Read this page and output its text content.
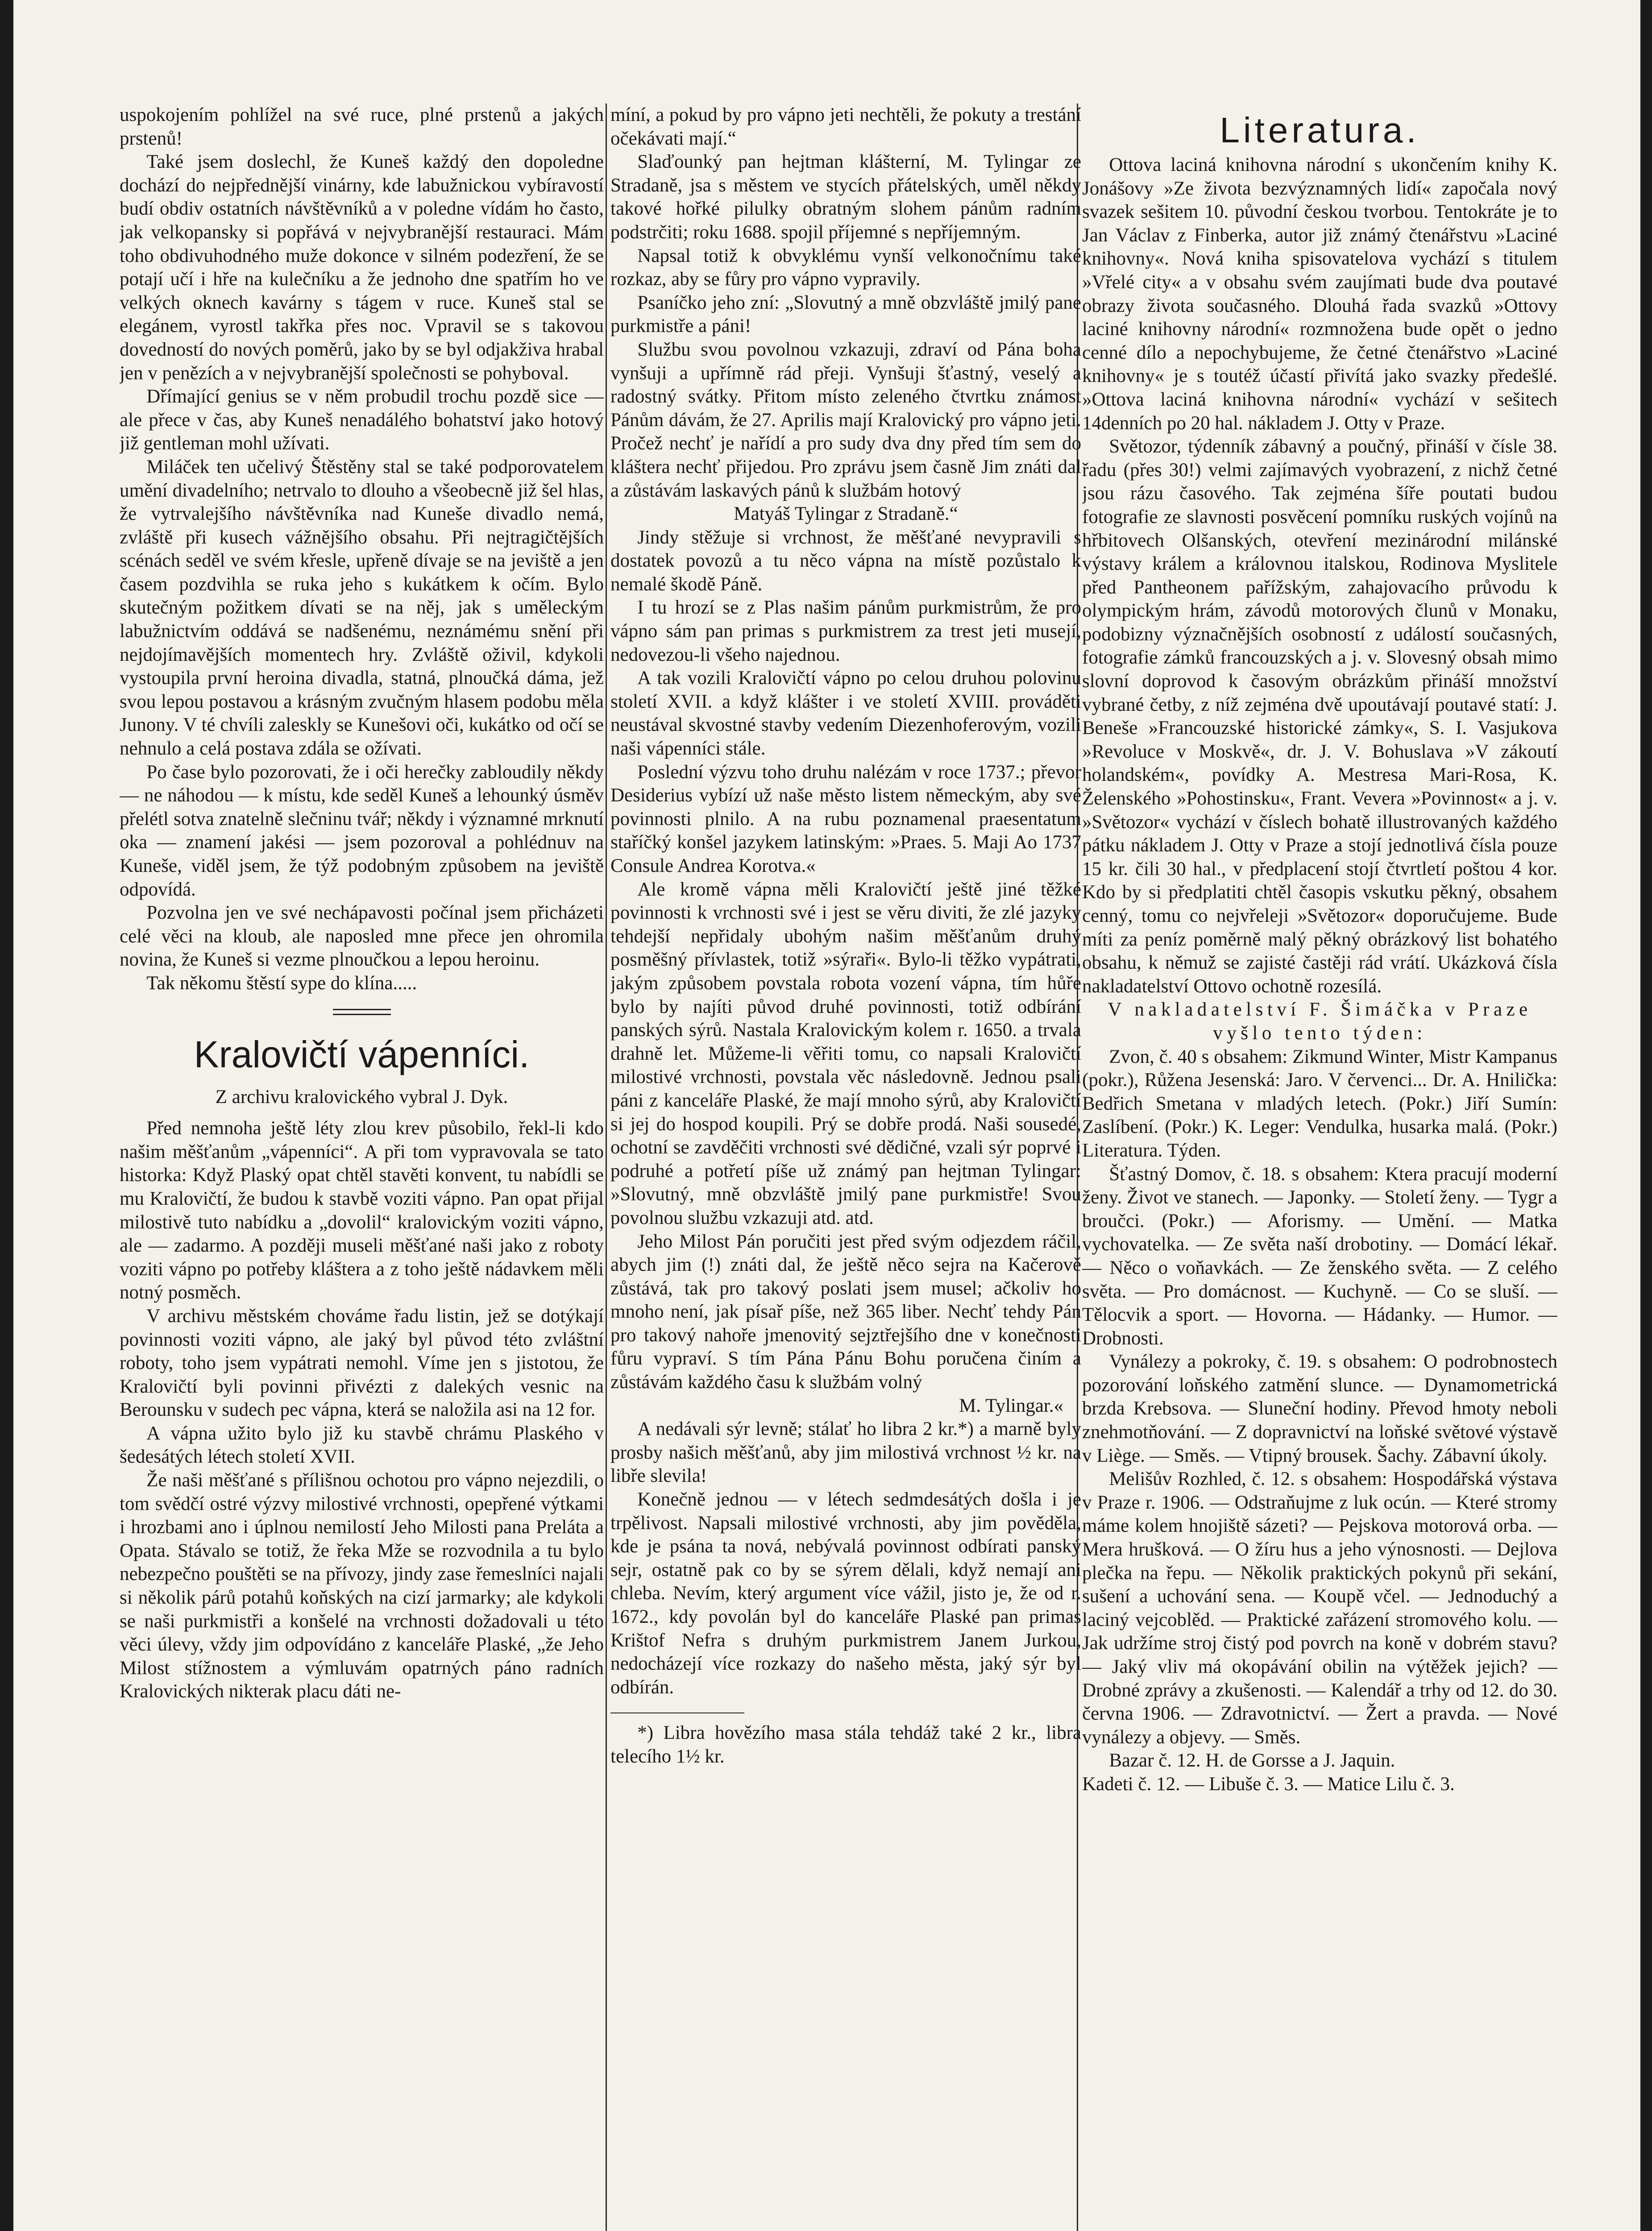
uspokojením pohlížel na své ruce, plné prstenů a jakých prstenů!

Také jsem doslechl, že Kuneš každý den dopoledne dochází do nejpřednější vinárny, kde labužnickou vybíravostí budí obdiv ostatních návštěvníků a v poledne vídám ho často, jak velkopansky si popřává v nejvybranější restauraci. Mám toho obdivuhodného muže dokonce v silném podezření, že se potají učí i hře na kulečníku a že jednoho dne spatřím ho ve velkých oknech kavárny s tágem v ruce. Kuneš stal se elegánem, vyrostl takřka přes noc. Vpravil se s takovou dovedností do nových poměrů, jako by se byl odjakživa hrabal jen v penězích a v nejvybranější společnosti se pohyboval.

Dřímající genius se v něm probudil trochu pozdě sice — ale přece v čas, aby Kuneš nenadálého bohatství jako hotový již gentleman mohl užívati.

Miláček ten učelivý Štěstěny stal se také podporovatelem umění divadelního; netrvalo to dlouho a všeobecně již šel hlas, že vytrvalejšího návštěvníka nad Kuneše divadlo nemá, zvláště při kusech vážnějšího obsahu. Při nejtragičtějších scénách seděl ve svém křesle, upřeně dívaje se na jeviště a jen časem pozdvihla se ruka jeho s kukátkem k očím. Bylo skutečným požitkem dívati se na něj, jak s uměleckým labužnictvím oddává se nadšenému, neznámému snění při nejdojímavějších momentech hry. Zvláště oživil, kdykoli vystoupila první heroina divadla, statná, plnoučká dáma, jež svou lepou postavou a krásným zvučným hlasem podobu měla Junony. V té chvíli zaleskly se Kunešovi oči, kukátko od očí se nehnulo a celá postava zdála se ožívati.

Po čase bylo pozorovati, že i oči herečky zabloudily někdy — ne náhodou — k místu, kde seděl Kuneš a lehounký úsměv přelétl sotva znatelně slečninu tvář; někdy i významné mrknutí oka — znamení jakési — jsem pozoroval a pohlédnuv na Kuneše, viděl jsem, že týž podobným způsobem na jeviště odpovídá.

Pozvolna jen ve své nechápavosti počínal jsem přicházeti celé věci na kloub, ale naposled mne přece jen ohromila novina, že Kuneš si vezme plnoučkou a lepou heroinu.

Tak někomu štěstí sype do klína.....

Kralovičtí vápenníci.
Z archivu kralovického vybral J. Dyk.

Před nemnoha ještě léty zlou krev působilo, řekl-li kdo našim měšťanům „vápenníci“. A při tom vypravovala se tato historka: Když Plaský opat chtěl stavěti konvent, tu nabídli se mu Kralovičtí, že budou k stavbě voziti vápno. Pan opat přijal milostivě tuto nabídku a „dovolil“ kralovickým voziti vápno, ale — zadarmo. A později museli měšťané naši jako z roboty voziti vápno po potřeby kláštera a z toho ještě nádavkem měli notný posměch.

V archivu městském chováme řadu listin, jež se dotýkají povinnosti voziti vápno, ale jaký byl původ této zvláštní roboty, toho jsem vypátrati nemohl. Víme jen s jistotou, že Kralovičtí byli povinni přivézti z dalekých vesnic na Berounsku v sudech pec vápna, která se naložila asi na 12 for.

A vápna užito bylo již ku stavbě chrámu Plaského v šedesátých létech století XVII.

Že naši měšťané s přílišnou ochotou pro vápno nejezdili, o tom svědčí ostré výzvy milostivé vrchnosti, opepřené výtkami i hrozbami ano i úplnou nemilostí Jeho Milosti pana Preláta a Opata. Stávalo se totiž, že řeka Mže se rozvodnila a tu bylo nebezpečno pouštěti se na přívozy, jindy zase řemeslníci najali si několik párů potahů koňských na cizí jarmarky; ale kdykoli se naši purkmistři a konšelé na vrchnosti dožadovali u této věci úlevy, vždy jim odpovídáno z kanceláře Plaské, „že Jeho Milost stížnostem a výmluvám opatrných páno radních Kralovických nikterak placu dáti ne-

míní, a pokud by pro vápno jeti nechtěli, že pokuty a trestání očekávati mají.“

Slaďounký pan hejtman klášterní, M. Tylingar ze Stradaně, jsa s městem ve stycích přátelských, uměl někdy takové hořké pilulky obratným slohem pánům radním podstrčiti; roku 1688. spojil příjemné s nepříjemným.

Napsal totiž k obvyklému vynší velkonočnímu také rozkaz, aby se fůry pro vápno vypravily.

Psaníčko jeho zní: „Slovutný a mně obzvláště jmilý pane purkmistře a páni!

Službu svou povolnou vzkazuji, zdraví od Pána boha vynšuji a upřímně rád přeji. Vynšuji šťastný, veselý a radostný svátky. Přitom místo zeleného čtvrtku známost Pánům dávám, že 27. Aprilis mají Kralovický pro vápno jeti. Pročež nechť je nařídí a pro sudy dva dny před tím sem do kláštera nechť přijedou. Pro zprávu jsem časně Jim znáti dal a zůstávám laskavých pánů k službám hotový

Matyáš Tylingar z Stradaně.“

Jindy stěžuje si vrchnost, že měšťané nevypravili s dostatek povozů a tu něco vápna na místě pozůstalo k nemalé škodě Páně.

I tu hrozí se z Plas našim pánům purkmistrům, že pro vápno sám pan primas s purkmistrem za trest jeti musejí, nedovezou-li všeho najednou.

A tak vozili Kralovičtí vápno po celou druhou polovinu století XVII. a když klášter i ve století XVIII. prováděti neustával skvostné stavby vedením Diezenhoferovým, vozili naši vápenníci stále.

Poslední výzvu toho druhu nalézám v roce 1737.; převor Desiderius vybízí už naše město listem německým, aby své povinnosti plnilo. A na rubu poznamenal praesentatum staříčký konšel jazykem latinským: »Praes. 5. Maji Ao 1737 Consule Andrea Korotva.«

Ale kromě vápna měli Kralovičtí ještě jiné těžké povinnosti k vrchnosti své i jest se věru diviti, že zlé jazyky tehdejší nepřidaly ubohým našim měšťanům druhý posměšný přívlastek, totiž »sýraři«. Bylo-li těžko vypátrati, jakým způsobem povstala robota vození vápna, tím hůře bylo by najíti původ druhé povinnosti, totiž odbírání panských sýrů. Nastala Kralovickým kolem r. 1650. a trvala drahně let. Můžeme-li věřiti tomu, co napsali Kralovičtí milostivé vrchnosti, povstala věc následovně. Jednou psali páni z kanceláře Plaské, že mají mnoho sýrů, aby Kralovičtí si jej do hospod koupili. Prý se dobře prodá. Naši sousedé, ochotní se zavděčiti vrchnosti své dědičné, vzali sýr poprvé i podruhé a potřetí píše už známý pan hejtman Tylingar: »Slovutný, mně obzvláště jmilý pane purkmistře! Svou povolnou službu vzkazuji atd. atd.

Jeho Milost Pán poručiti jest před svým odjezdem ráčil, abych jim (!) znáti dal, že ještě něco sejra na Kačerově zůstává, tak pro takový poslati jsem musel; ačkoliv ho mnoho není, jak písař píše, než 365 liber. Nechť tehdy Pán pro takový nahoře jmenovitý sejztřejšího dne v konečnosti fůru vypraví. S tím Pána Pánu Bohu poručena činím a zůstávám každého času k službám volný

M. Tylingar.«

A nedávali sýr levně; stálať ho libra 2 kr.*) a marně byly prosby našich měšťanů, aby jim milostivá vrchnost ½ kr. na libře slevila!

Konečně jednou — v létech sedmdesátých došla i je trpělivost. Napsali milostivé vrchnosti, aby jim pověděla, kde je psána ta nová, nebývalá povinnost odbírati panský sejr, ostatně pak co by se sýrem dělali, když nemají ani chleba. Nevím, který argument více vážil, jisto je, že od r. 1672., kdy povolán byl do kanceláře Plaské pan primas Krištof Nefra s druhým purkmistrem Janem Jurkou, nedocházejí více rozkazy do našeho města, jaký sýr byl odbírán.

*) Libra hovězího masa stála tehdáž také 2 kr., libra telecího 1½ kr.

Literatura.

Ottova laciná knihovna národní s ukončením knihy K. Jonášovy »Ze života bezvýznamných lidí« započala nový svazek sešitem 10. původní českou tvorbou. Tentokráte je to Jan Václav z Finberka, autor již známý čtenářstvu »Laciné knihovny«. Nová kniha spisovatelova vychází s titulem »Vřelé city« a v obsahu svém zaujímati bude dva poutavé obrazy života současného. Dlouhá řada svazků »Ottovy laciné knihovny národní« rozmnožena bude opět o jedno cenné dílo a nepochybujeme, že četné čtenářstvo »Laciné knihovny« je s toutéž účastí přivítá jako svazky předešlé. »Ottova laciná knihovna národní« vychází v sešitech 14denních po 20 hal. nákladem J. Otty v Praze.

Světozor, týdenník zábavný a poučný, přináší v čísle 38. řadu (přes 30!) velmi zajímavých vyobrazení, z nichž četné jsou rázu časového. Tak zejména šíře poutati budou fotografie ze slavnosti posvěcení pomníku ruských vojínů na hřbitovech Olšanských, otevření mezinárodní milánské výstavy králem a královnou italskou, Rodinova Myslitele před Pantheonem pařížským, zahajovacího průvodu k olympickým hrám, závodů motorových člunů v Monaku, podobizny význačnějších osobností z událostí současných, fotografie zámků francouzských a j. v. Slovesný obsah mimo slovní doprovod k časovým obrázkům přináší množství vybrané četby, z níž zejména dvě upoutávají poutavé statí: J. Beneše »Francouzské historické zámky«, S. I. Vasjukova »Revoluce v Moskvě«, dr. J. V. Bohuslava »V zákoutí holandském«, povídky A. Mestresa Mari-Rosa, K. Želenského »Pohostinsku«, Frant. Vevera »Povinnost« a j. v. »Světozor« vychází v číslech bohatě illustrovaných každého pátku nákladem J. Otty v Praze a stojí jednotlivá čísla pouze 15 kr. čili 30 hal., v předplacení stojí čtvrtletí poštou 4 kor. Kdo by si předplatiti chtěl časopis vskutku pěkný, obsahem cenný, tomu co nejvřeleji »Světozor« doporučujeme. Bude míti za peníz poměrně malý pěkný obrázkový list bohatého obsahu, k němuž se zajisté častěji rád vrátí. Ukázková čísla nakladatelství Ottovo ochotně rozesílá.

V nakladatelství F. Šimáčka v Praze vyšlo tento týden:

Zvon, č. 40 s obsahem: Zikmund Winter, Mistr Kampanus (pokr.), Růžena Jesenská: Jaro. V červenci... Dr. A. Hnilička: Bedřich Smetana v mladých letech. (Pokr.) Jiří Sumín: Zaslíbení. (Pokr.) K. Leger: Vendulka, husarka malá. (Pokr.) Literatura. Týden.

Šťastný Domov, č. 18. s obsahem: Ktera pracují moderní ženy. Život ve stanech. — Japonky. — Století ženy. — Tygr a broučci. (Pokr.) — Aforismy. — Umění. — Matka vychovatelka. — Ze světa naší drobotiny. — Domácí lékař. — Něco o voňavkách. — Ze ženského světa. — Z celého světa. — Pro domácnost. — Kuchyně. — Co se sluší. — Tělocvik a sport. — Hovorna. — Hádanky. — Humor. — Drobnosti.

Vynálezy a pokroky, č. 19. s obsahem: O podrobnostech pozorování loňského zatmění slunce. — Dynamometrická brzda Krebsova. — Sluneční hodiny. Převod hmoty neboli znehmotňování. — Z dopravnictví na loňské světové výstavě v Liège. — Směs. — Vtipný brousek. Šachy. Zábavní úkoly.

Melišův Rozhled, č. 12. s obsahem: Hospodářská výstava v Praze r. 1906. — Odstraňujme z luk ocún. — Které stromy máme kolem hnojiště sázeti? — Pejskova motorová orba. — Mera hrušková. — O žíru hus a jeho výnosnosti. — Dejlova plečka na řepu. — Několik praktických pokynů při sekání, sušení a uchování sena. — Koupě včel. — Jednoduchý a laciný vejcoblěd. — Praktické zařázení stromového kolu. — Jak udržíme stroj čistý pod povrch na koně v dobrém stavu? — Jaký vliv má okopávání obilin na výtěžek jejich? — Drobné zprávy a zkušenosti. — Kalendář a trhy od 12. do 30. června 1906. — Zdravotnictví. — Žert a pravda. — Nové vynálezy a objevy. — Směs.

Bazar č. 12. H. de Gorsse a J. Jaquin.

Kadeti č. 12. — Libuše č. 3. — Matice Lilu č. 3.
